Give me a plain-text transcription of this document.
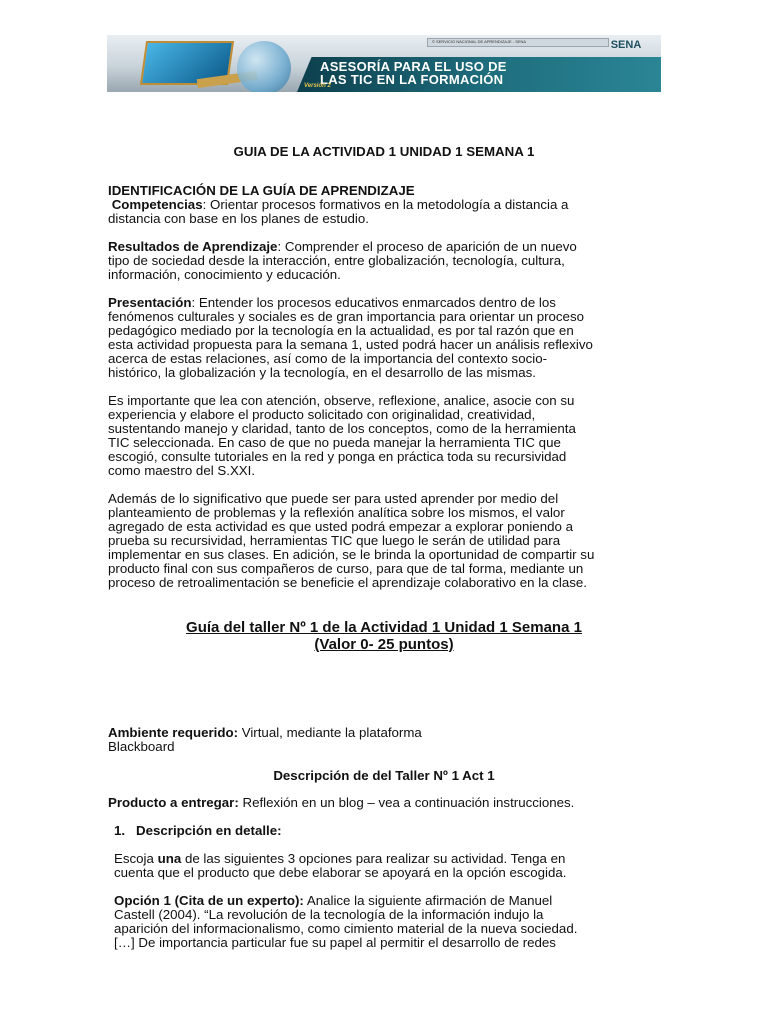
© SERVICIO NACIONAL DE APRENDIZAJE - SENA	SENA
ASESORÍA PARA EL USO DE
LAS TIC EN LA FORMACIÓN
Versión 2
GUIA DE LA ACTIVIDAD 1 UNIDAD 1 SEMANA 1
IDENTIFICACIÓN DE LA GUÍA DE APRENDIZAJE
Competencias: Orientar procesos formativos en la metodología a distancia a
distancia con base en los planes de estudio.
Resultados de Aprendizaje: Comprender el proceso de aparición de un nuevo
tipo de sociedad desde la interacción, entre globalización, tecnología, cultura,
información, conocimiento y educación.
Presentación: Entender los procesos educativos enmarcados dentro de los
fenómenos culturales y sociales es de gran importancia para orientar un proceso
pedagógico mediado por la tecnología en la actualidad, es por tal razón que en
esta actividad propuesta para la semana 1, usted podrá hacer un análisis reflexivo
acerca de estas relaciones, así como de la importancia del contexto socio-
histórico, la globalización y la tecnología, en el desarrollo de las mismas.
Es importante que lea con atención, observe, reflexione, analice, asocie con su
experiencia y elabore el producto solicitado con originalidad, creatividad,
sustentando manejo y claridad, tanto de los conceptos, como de la herramienta
TIC seleccionada. En caso de que no pueda manejar la herramienta TIC que
escogió, consulte tutoriales en la red y ponga en práctica toda su recursividad
como maestro del S.XXI.
Además de lo significativo que puede ser para usted aprender por medio del
planteamiento de problemas y la reflexión analítica sobre los mismos, el valor
agregado de esta actividad es que usted podrá empezar a explorar poniendo a
prueba su recursividad, herramientas TIC que luego le serán de utilidad para
implementar en sus clases. En adición, se le brinda la oportunidad de compartir su
producto final con sus compañeros de curso, para que de tal forma, mediante un
proceso de retroalimentación se beneficie el aprendizaje colaborativo en la clase.
Guía del taller Nº 1 de la Actividad 1 Unidad 1 Semana 1
(Valor 0- 25 puntos)
Ambiente requerido: Virtual, mediante la plataforma
Blackboard
Descripción de del Taller Nº 1 Act 1
Producto a entregar: Reflexión en un blog – vea a continuación instrucciones.
1. Descripción en detalle:
Escoja una de las siguientes 3 opciones para realizar su actividad. Tenga en
cuenta que el producto que debe elaborar se apoyará en la opción escogida.
Opción 1 (Cita de un experto): Analice la siguiente afirmación de Manuel
Castell (2004). “La revolución de la tecnología de la información indujo la
aparición del informacionalismo, como cimiento material de la nueva sociedad.
[…] De importancia particular fue su papel al permitir el desarrollo de redes
